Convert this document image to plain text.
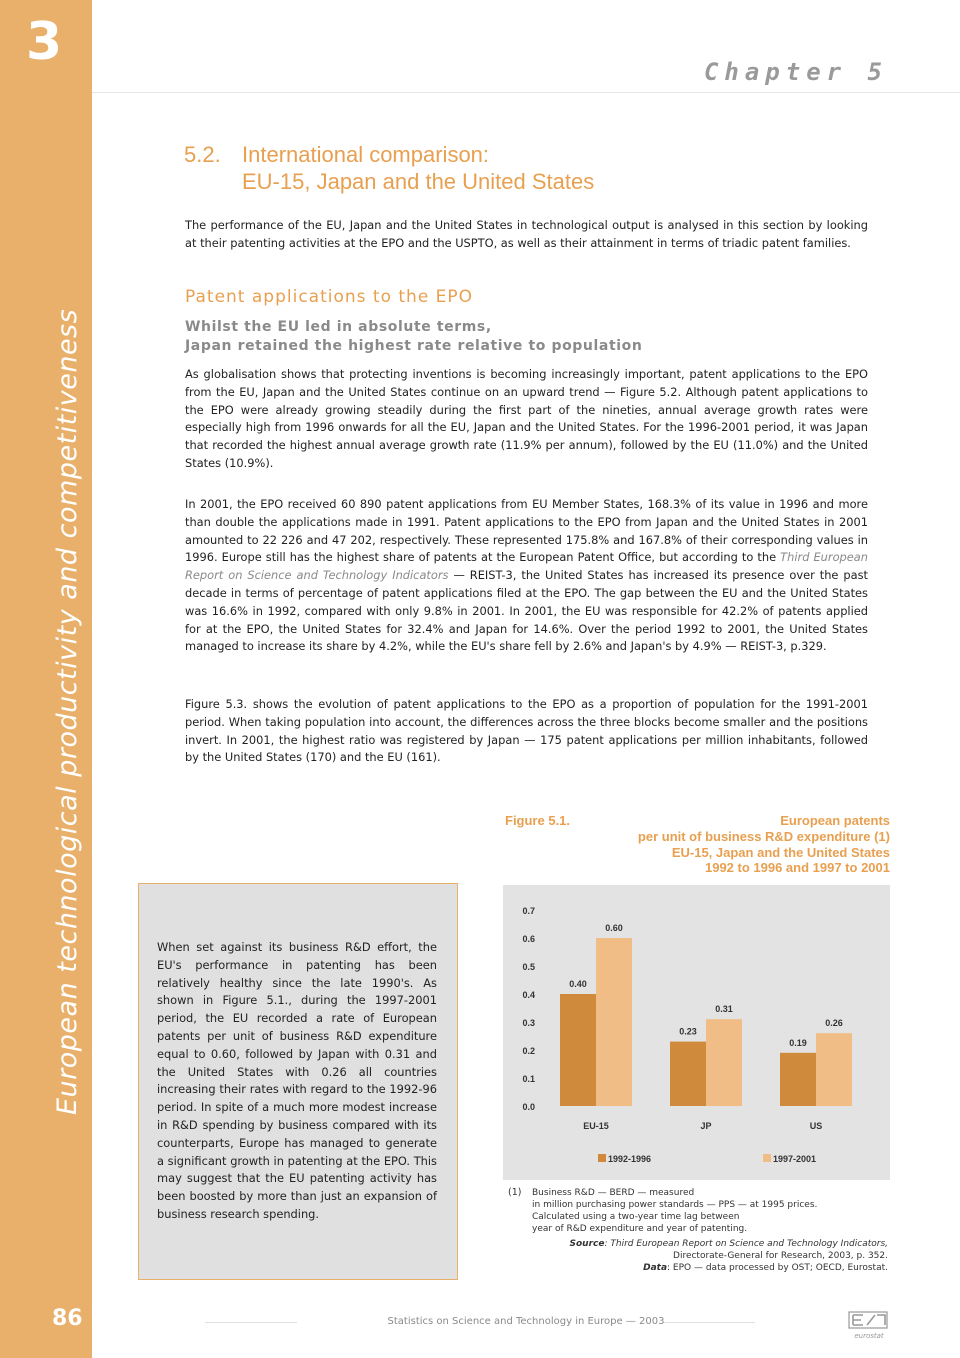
3
European technological productivity and competitiveness
86
Chapter 5
5.2. International comparison:
EU-15, Japan and the United States
The performance of the EU, Japan and the United States in technological output is analysed in this section by looking at their patenting activities at the EPO and the USPTO, as well as their attainment in terms of triadic patent families.
Patent applications to the EPO
Whilst the EU led in absolute terms,
Japan retained the highest rate relative to population
As globalisation shows that protecting inventions is becoming increasingly important, patent applications to the EPO from the EU, Japan and the United States continue on an upward trend — Figure 5.2. Although patent applications to the EPO were already growing steadily during the first part of the nineties, annual average growth rates were especially high from 1996 onwards for all the EU, Japan and the United States. For the 1996-2001 period, it was Japan that recorded the highest annual average growth rate (11.9% per annum), followed by the EU (11.0%) and the United States (10.9%).
In 2001, the EPO received 60 890 patent applications from EU Member States, 168.3% of its value in 1996 and more than double the applications made in 1991. Patent applications to the EPO from Japan and the United States in 2001 amounted to 22 226 and 47 202, respectively. These represented 175.8% and 167.8% of their corresponding values in 1996. Europe still has the highest share of patents at the European Patent Office, but according to the Third European Report on Science and Technology Indicators — REIST-3, the United States has increased its presence over the past decade in terms of percentage of patent applications filed at the EPO. The gap between the EU and the United States was 16.6% in 1992, compared with only 9.8% in 2001. In 2001, the EU was responsible for 42.2% of patents applied for at the EPO, the United States for 32.4% and Japan for 14.6%. Over the period 1992 to 2001, the United States managed to increase its share by 4.2%, while the EU's share fell by 2.6% and Japan's by 4.9% — REIST-3, p.329.
Figure 5.3. shows the evolution of patent applications to the EPO as a proportion of population for the 1991-2001 period. When taking population into account, the differences across the three blocks become smaller and the positions invert. In 2001, the highest ratio was registered by Japan — 175 patent applications per million inhabitants, followed by the United States (170) and the EU (161).
When set against its business R&D effort, the EU's performance in patenting has been relatively healthy since the late 1990's. As shown in Figure 5.1., during the 1997-2001 period, the EU recorded a rate of European patents per unit of business R&D expenditure equal to 0.60, followed by Japan with 0.31 and the United States with 0.26 all countries increasing their rates with regard to the 1992-96 period. In spite of a much more modest increase in R&D spending by business compared with its counterparts, Europe has managed to generate a significant growth in patenting at the EPO. This may suggest that the EU patenting activity has been boosted by more than just an expansion of business research spending.
Figure 5.1.	European patents
per unit of business R&D expenditure (1)
EU-15, Japan and the United States
1992 to 1996 and 1997 to 2001
0.0
0.1
0.2
0.3
0.4
0.5
0.6
0.7
0.40
0.60
EU-15
0.23
0.31
JP
0.19
0.26
US
1992-1996	1997-2001
(1) Business R&D — BERD — measured
in million purchasing power standards — PPS — at 1995 prices.
Calculated using a two-year time lag between
year of R&D expenditure and year of patenting.
Source: Third European Report on Science and Technology Indicators,
Directorate-General for Research, 2003, p. 352.
Data: EPO — data processed by OST; OECD, Eurostat.
Statistics on Science and Technology in Europe — 2003
eurostat
